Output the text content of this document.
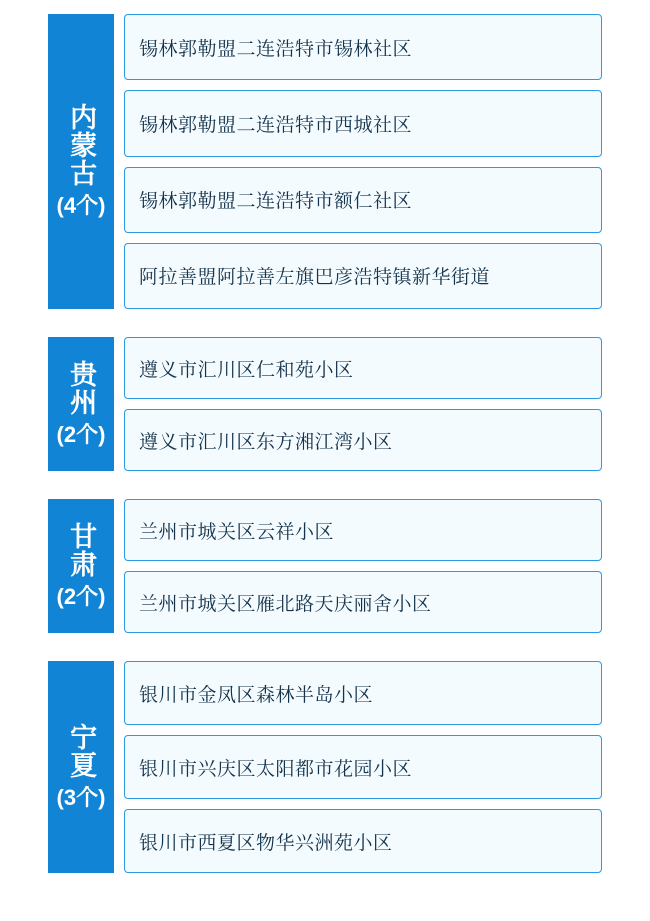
内蒙古
(4个)
锡林郭勒盟二连浩特市锡林社区
锡林郭勒盟二连浩特市西城社区
锡林郭勒盟二连浩特市额仁社区
阿拉善盟阿拉善左旗巴彦浩特镇新华街道
贵州
(2个)
遵义市汇川区仁和苑小区
遵义市汇川区东方湘江湾小区
甘肃
(2个)
兰州市城关区云祥小区
兰州市城关区雁北路天庆丽舍小区
宁夏
(3个)
银川市金凤区森林半岛小区
银川市兴庆区太阳都市花园小区
银川市西夏区物华兴洲苑小区
